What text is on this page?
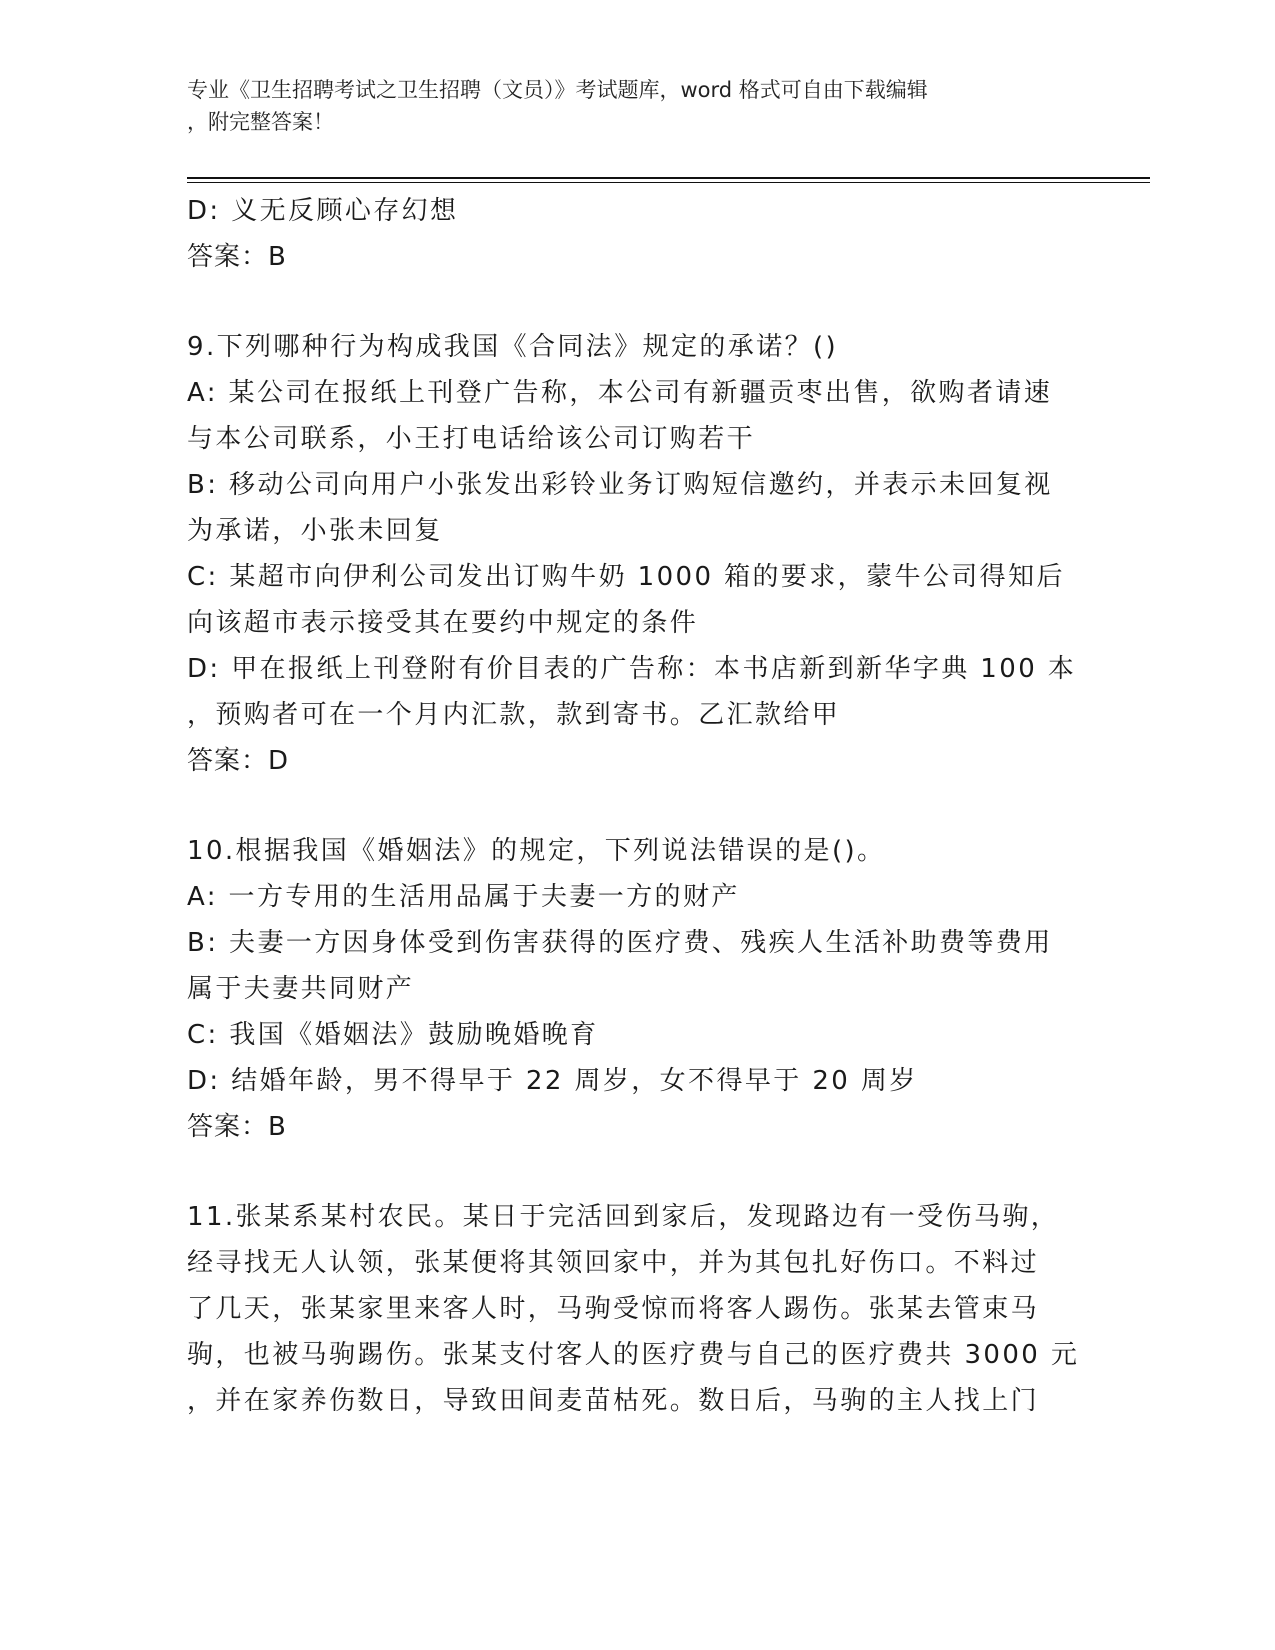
专业《卫生招聘考试之卫生招聘（文员）》考试题库，word 格式可自由下载编辑
，附完整答案！
D: 义无反顾心存幻想
答案：B
9.下列哪种行为构成我国《合同法》规定的承诺？()
A: 某公司在报纸上刊登广告称，本公司有新疆贡枣出售，欲购者请速
与本公司联系，小王打电话给该公司订购若干
B: 移动公司向用户小张发出彩铃业务订购短信邀约，并表示未回复视
为承诺，小张未回复
C: 某超市向伊利公司发出订购牛奶 1000 箱的要求，蒙牛公司得知后
向该超市表示接受其在要约中规定的条件
D: 甲在报纸上刊登附有价目表的广告称：本书店新到新华字典 100 本
，预购者可在一个月内汇款，款到寄书。乙汇款给甲
答案：D
10.根据我国《婚姻法》的规定，下列说法错误的是()。
A: 一方专用的生活用品属于夫妻一方的财产
B: 夫妻一方因身体受到伤害获得的医疗费、残疾人生活补助费等费用
属于夫妻共同财产
C: 我国《婚姻法》鼓励晚婚晚育
D: 结婚年龄，男不得早于 22 周岁，女不得早于 20 周岁
答案：B
11.张某系某村农民。某日于完活回到家后，发现路边有一受伤马驹，
经寻找无人认领，张某便将其领回家中，并为其包扎好伤口。不料过
了几天，张某家里来客人时，马驹受惊而将客人踢伤。张某去管束马
驹，也被马驹踢伤。张某支付客人的医疗费与自己的医疗费共 3000 元
，并在家养伤数日，导致田间麦苗枯死。数日后，马驹的主人找上门
